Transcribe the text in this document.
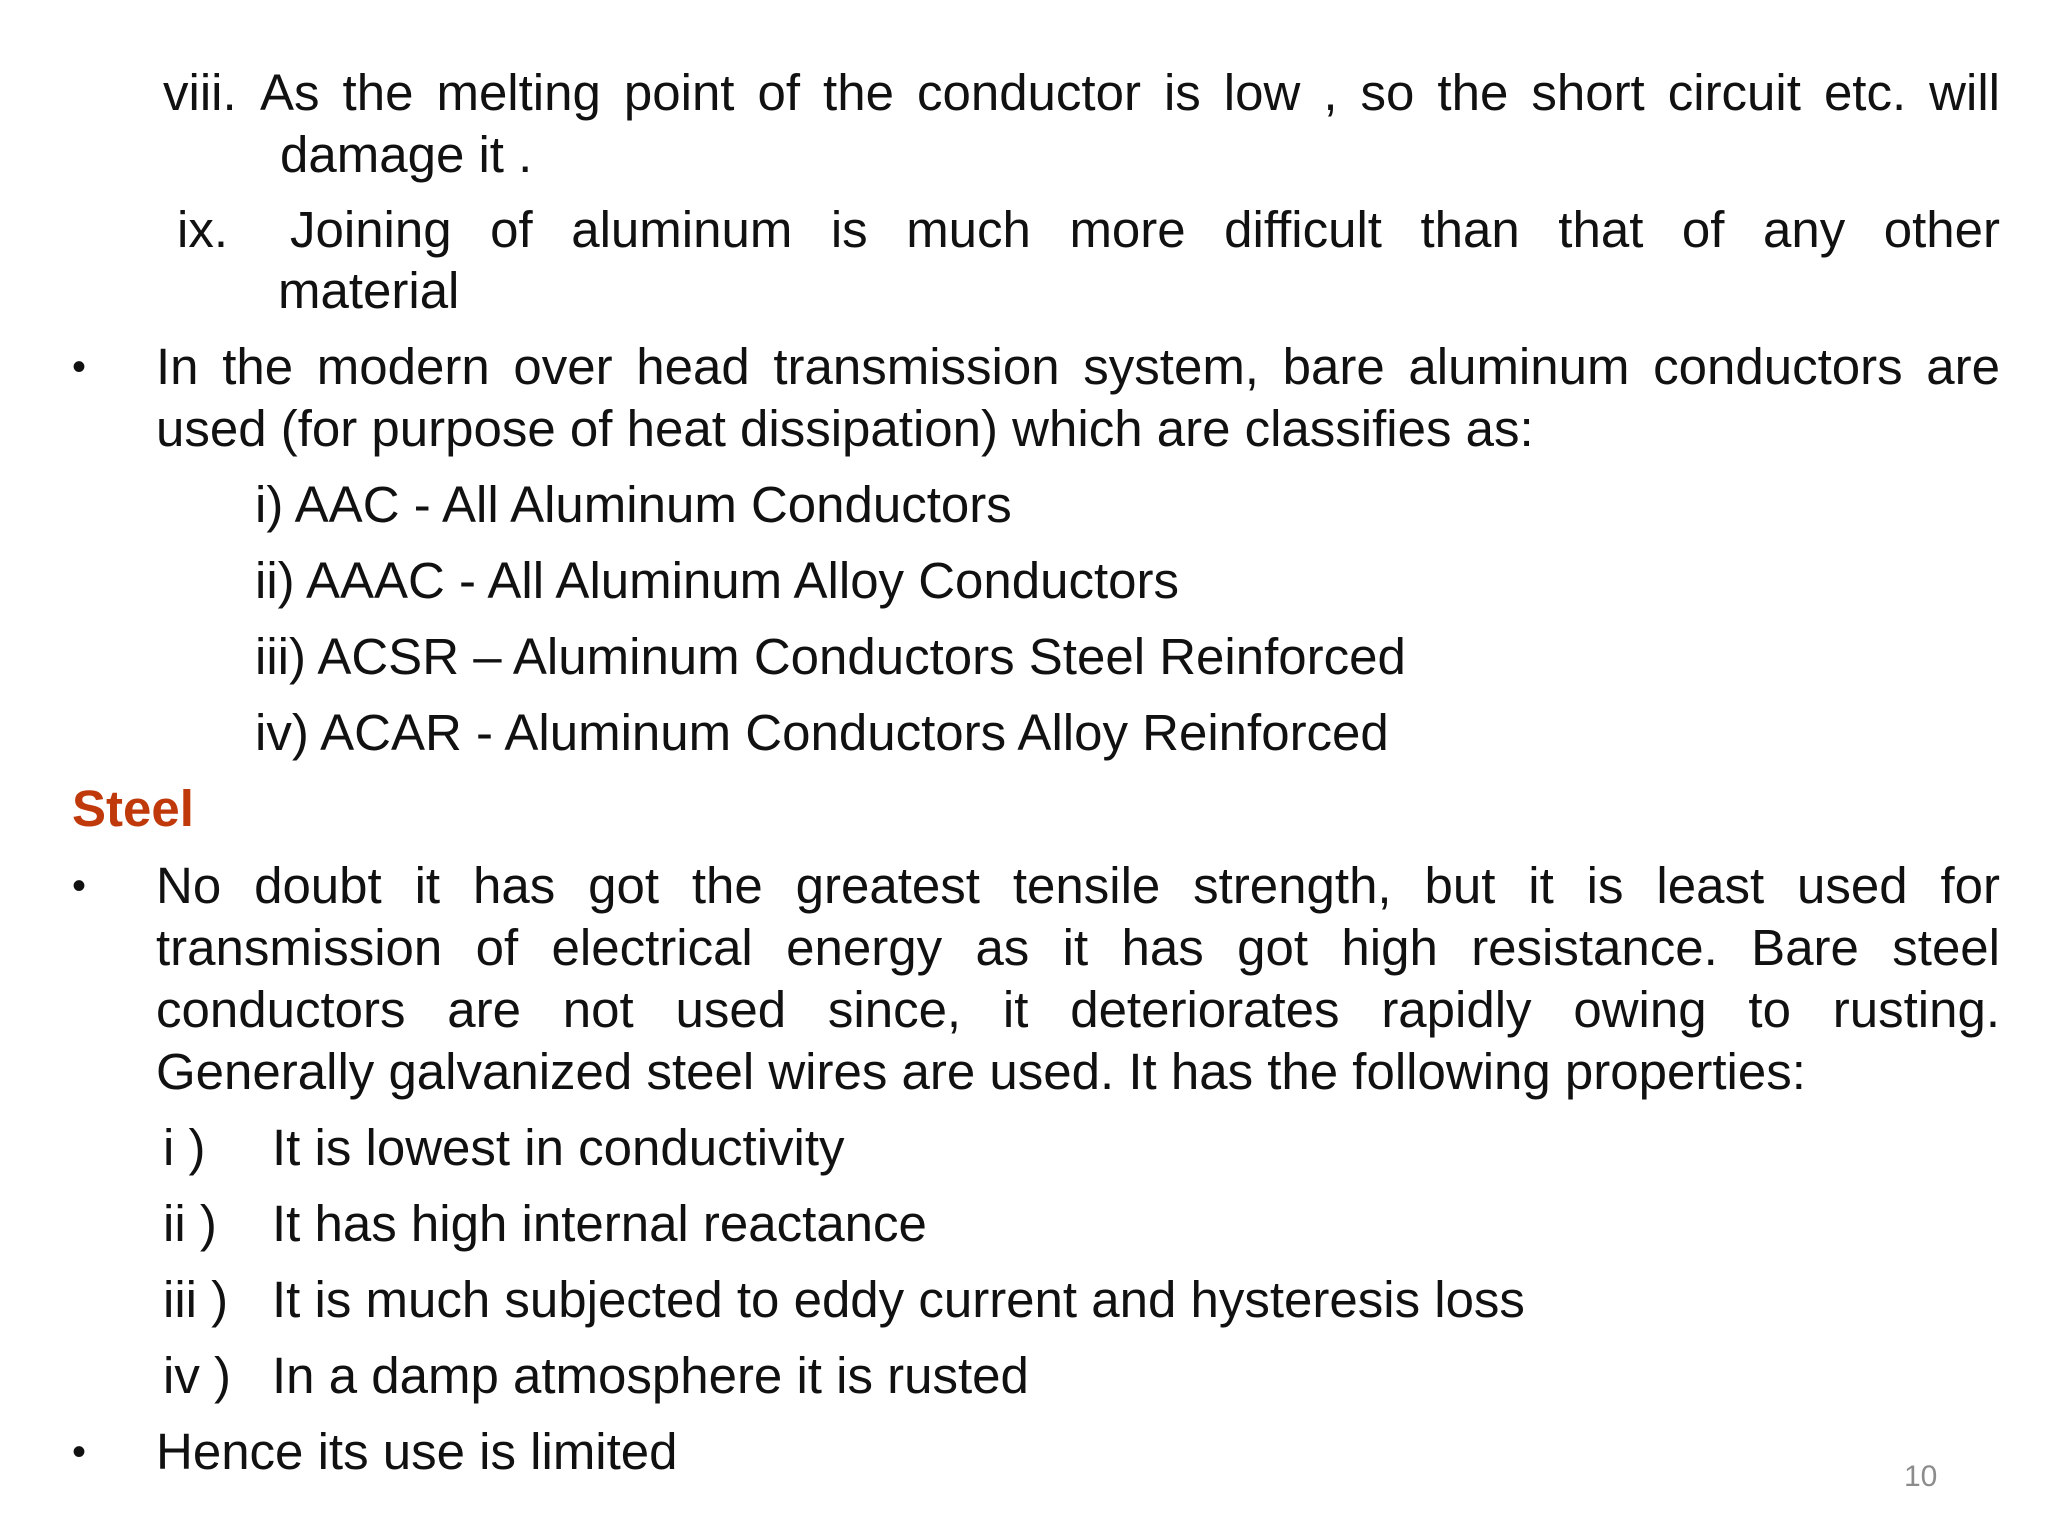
viii. As the melting point of the conductor is low , so the short circuit etc. will
damage it .
ix. Joining of aluminum is much more difficult than that of any other
material
• In the modern over head transmission system, bare aluminum conductors are
used (for purpose of heat dissipation) which are classifies as:
i) AAC - All Aluminum Conductors
ii) AAAC - All Aluminum Alloy Conductors
iii) ACSR – Aluminum Conductors Steel Reinforced
iv) ACAR - Aluminum Conductors Alloy Reinforced
Steel
• No doubt it has got the greatest tensile strength, but it is least used for
transmission of electrical energy as it has got high resistance. Bare steel
conductors are not used since, it deteriorates rapidly owing to rusting.
Generally galvanized steel wires are used. It has the following properties:
i ) It is lowest in conductivity
ii ) It has high internal reactance
iii ) It is much subjected to eddy current and hysteresis loss
iv ) In a damp atmosphere it is rusted
• Hence its use is limited	10
